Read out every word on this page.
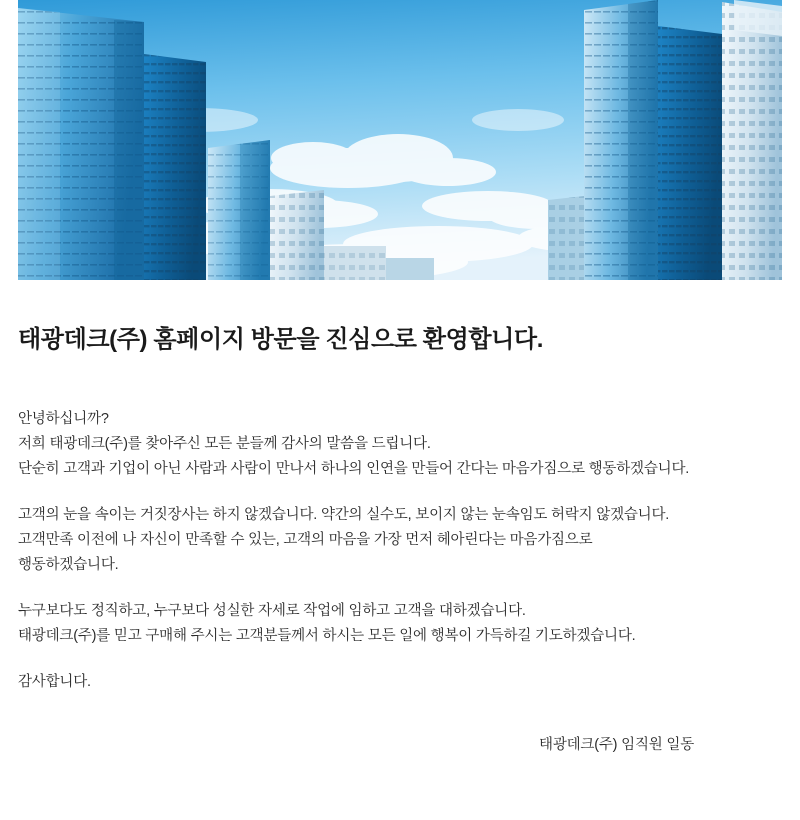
태광데크(주) 홈페이지 방문을 진심으로 환영합니다.

안녕하십니까?
저희 태광데크(주)를 찾아주신 모든 분들께 감사의 말씀을 드립니다.
단순히 고객과 기업이 아닌 사람과 사람이 만나서 하나의 인연을 만들어 간다는 마음가짐으로 행동하겠습니다.

고객의 눈을 속이는 거짓장사는 하지 않겠습니다. 약간의 실수도, 보이지 않는 눈속임도 허락지 않겠습니다.
고객만족 이전에 나 자신이 만족할 수 있는, 고객의 마음을 가장 먼저 헤아린다는 마음가짐으로
행동하겠습니다.

누구보다도 정직하고, 누구보다 성실한 자세로 작업에 임하고 고객을 대하겠습니다.
태광데크(주)를 믿고 구매해 주시는 고객분들께서 하시는 모든 일에 행복이 가득하길 기도하겠습니다.

감사합니다.

태광데크(주) 임직원 일동
